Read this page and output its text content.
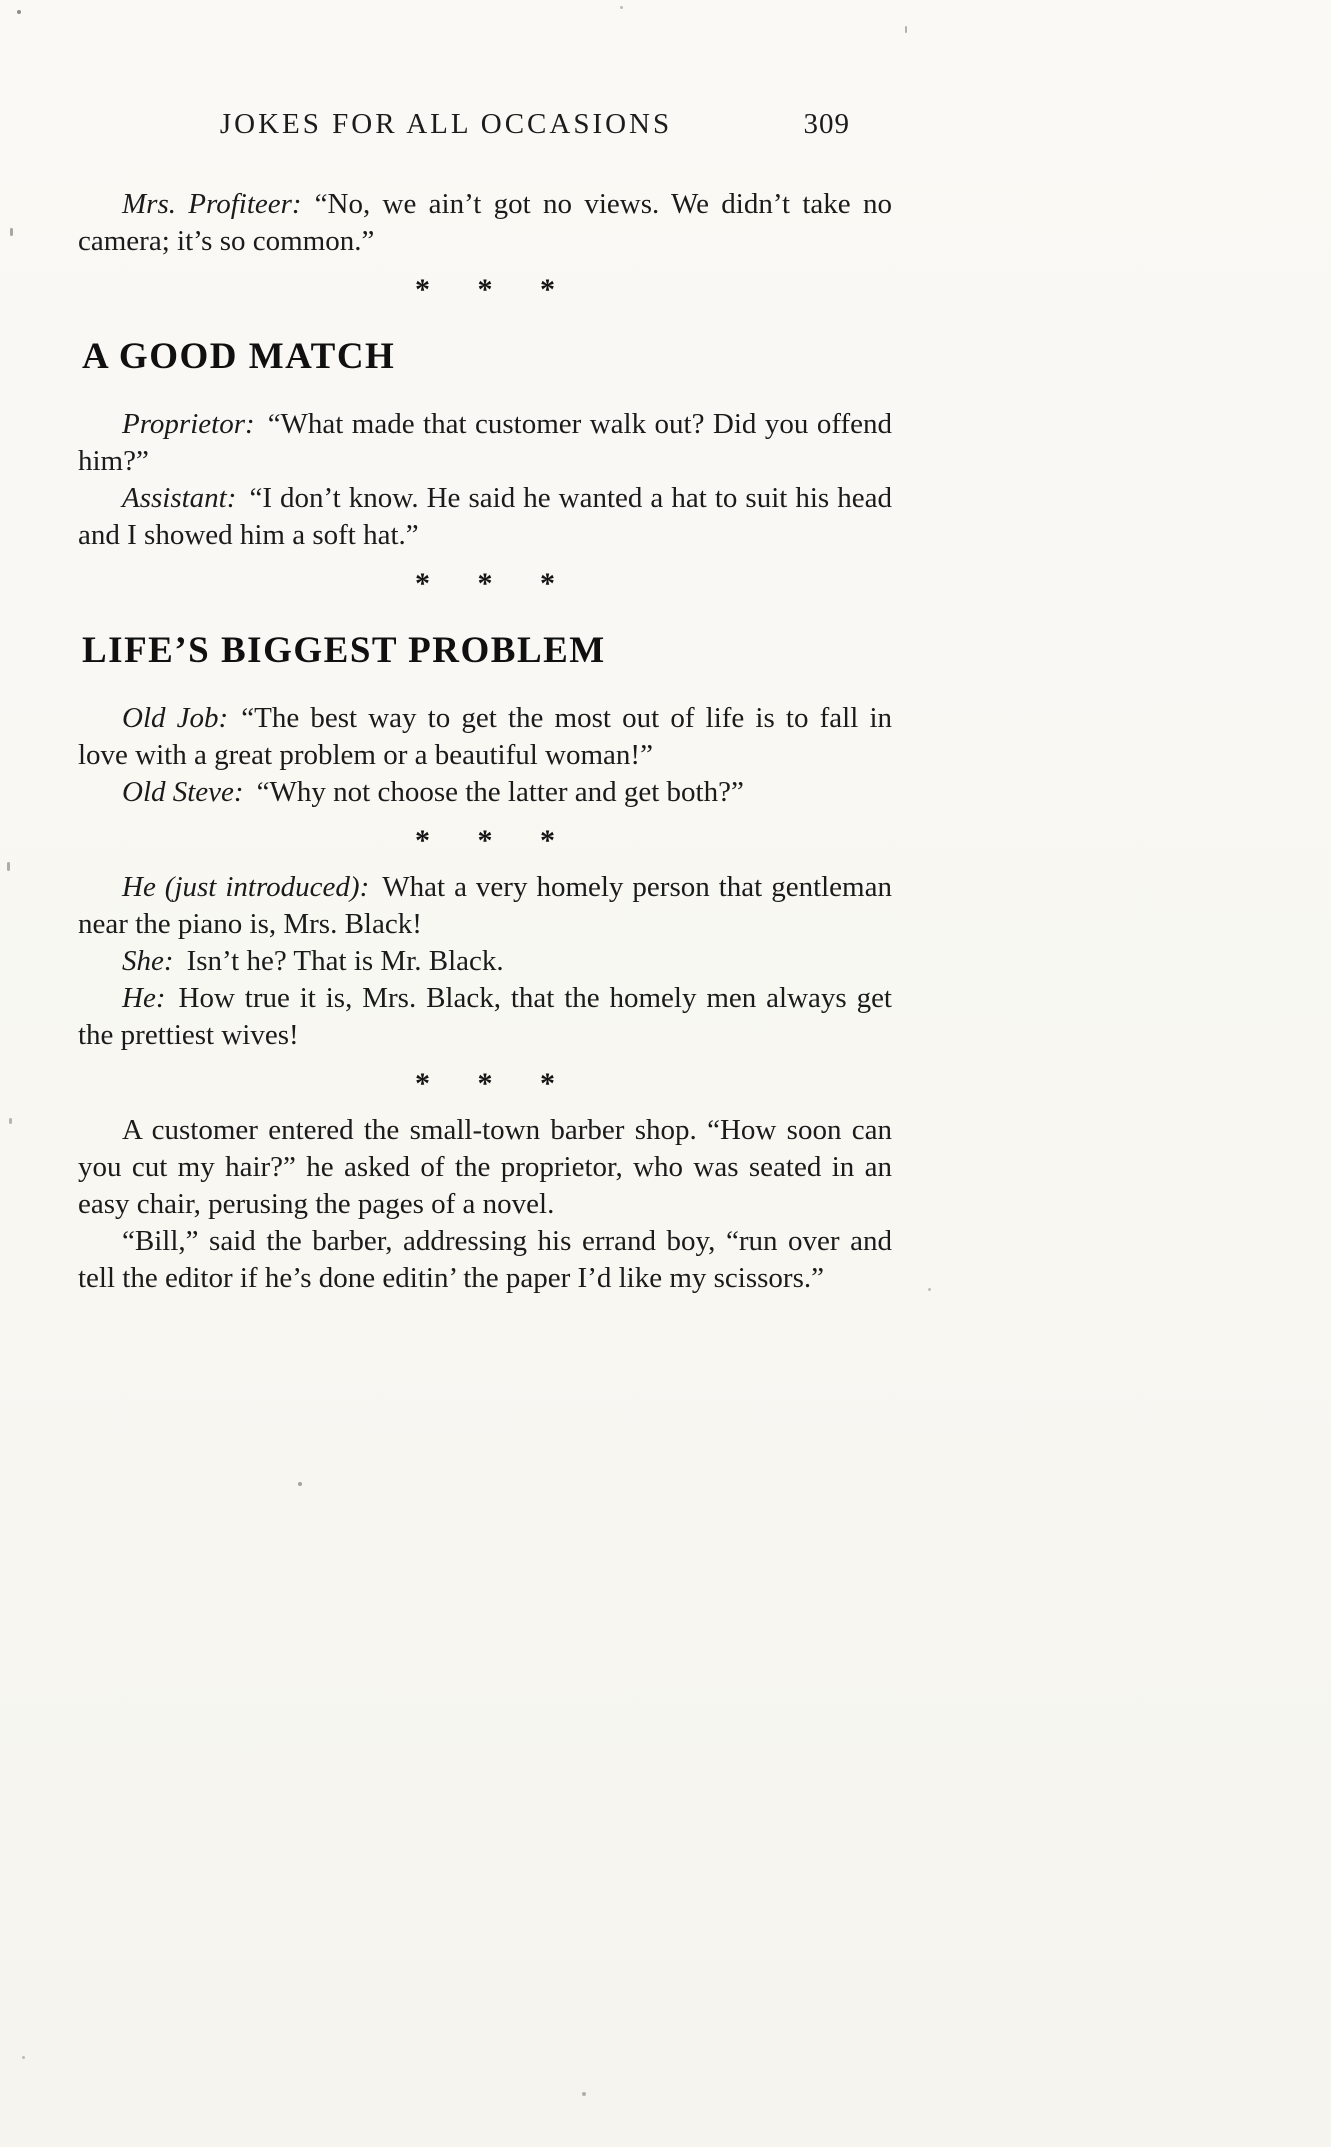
JOKES FOR ALL OCCASIONS	309

Mrs. Profiteer: “No, we ain’t got no views. We didn’t take no camera; it’s so common.”

* * *
A GOOD MATCH

Proprietor: “What made that customer walk out? Did you offend him?”

Assistant: “I don’t know. He said he wanted a hat to suit his head and I showed him a soft hat.”

* * *
LIFE’S BIGGEST PROBLEM

Old Job: “The best way to get the most out of life is to fall in love with a great problem or a beautiful woman!”

Old Steve: “Why not choose the latter and get both?”

* * *

He (just introduced): What a very homely person that gentleman near the piano is, Mrs. Black!

She: Isn’t he? That is Mr. Black.

He: How true it is, Mrs. Black, that the homely men always get the prettiest wives!

* * *

A customer entered the small-town barber shop. “How soon can you cut my hair?” he asked of the proprietor, who was seated in an easy chair, perusing the pages of a novel.

“Bill,” said the barber, addressing his errand boy, “run over and tell the editor if he’s done editin’ the paper I’d like my scissors.”
